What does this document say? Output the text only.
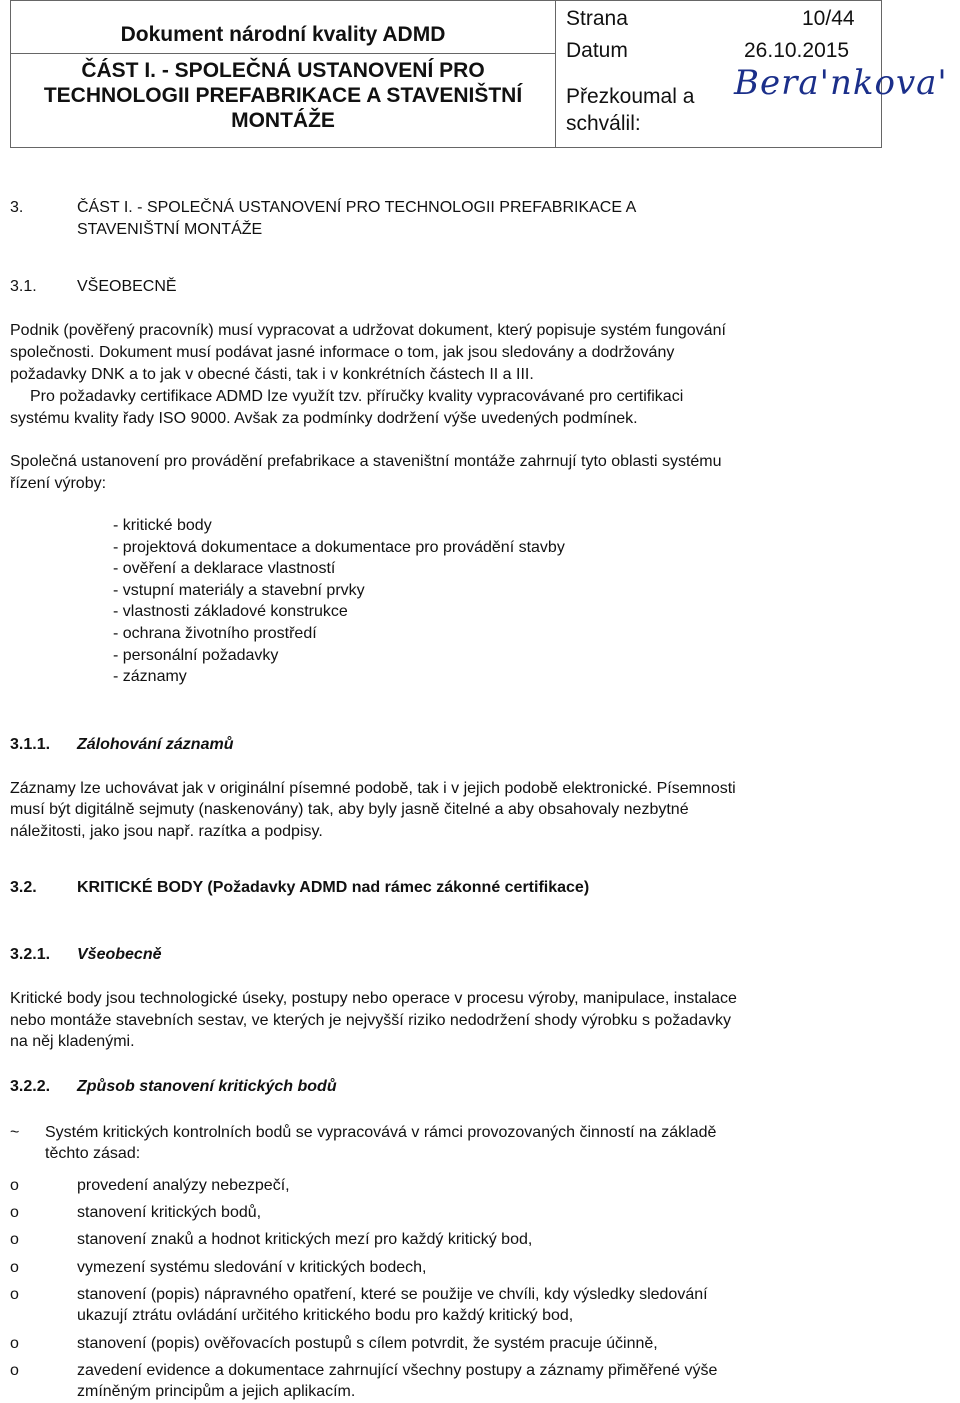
Dokument národní kvality ADMD
ČÁST I. - SPOLEČNÁ USTANOVENÍ PRO
TECHNOLOGII PREFABRIKACE A STAVENIŠTNÍ
MONTÁŽE

Strana	10/44
Datum	26.10.2015
Přezkoumal a
schválil:
Bera'nkova'
3.	ČÁST I. - SPOLEČNÁ USTANOVENÍ PRO TECHNOLOGII PREFABRIKACE A
STAVENIŠTNÍ MONTÁŽE
3.1.	VŠEOBECNĚ
Podnik (pověřený pracovník) musí vypracovat a udržovat dokument, který popisuje systém fungování
společnosti. Dokument musí podávat jasné informace o tom, jak jsou sledovány a dodržovány
požadavky DNK a to jak v obecné části, tak i v konkrétních částech II a III.
Pro požadavky certifikace ADMD lze využít tzv. příručky kvality vypracovávané pro certifikaci
systému kvality řady ISO 9000. Avšak za podmínky dodržení výše uvedených podmínek.
Společná ustanovení pro provádění prefabrikace a staveništní montáže zahrnují tyto oblasti systému
řízení výroby:
- kritické body
- projektová dokumentace a dokumentace pro provádění stavby
- ověření a deklarace vlastností
- vstupní materiály a stavební prvky
- vlastnosti základové konstrukce
- ochrana životního prostředí
- personální požadavky
- záznamy
3.1.1. Zálohování záznamů
Záznamy lze uchovávat jak v originální písemné podobě, tak i v jejich podobě elektronické. Písemnosti
musí být digitálně sejmuty (naskenovány) tak, aby byly jasně čitelné a aby obsahovaly nezbytné
náležitosti, jako jsou např. razítka a podpisy.
3.2.	KRITICKÉ BODY (Požadavky ADMD nad rámec zákonné certifikace)
3.2.1. Všeobecně
Kritické body jsou technologické úseky, postupy nebo operace v procesu výroby, manipulace, instalace
nebo montáže stavebních sestav, ve kterých je nejvyšší riziko nedodržení shody výrobku s požadavky
na něj kladenými.
3.2.2. Způsob stanovení kritických bodů
~ Systém kritických kontrolních bodů se vypracovává v rámci provozovaných činností na základě
těchto zásad:
o	provedení analýzy nebezpečí,
o	stanovení kritických bodů,
o	stanovení znaků a hodnot kritických mezí pro každý kritický bod,
o	vymezení systému sledování v kritických bodech,
o	stanovení (popis) nápravného opatření, které se použije ve chvíli, kdy výsledky sledování
ukazují ztrátu ovládání určitého kritického bodu pro každý kritický bod,
o	stanovení (popis) ověřovacích postupů s cílem potvrdit, že systém pracuje účinně,
o	zavedení evidence a dokumentace zahrnující všechny postupy a záznamy přiměřené výše
zmíněným principům a jejich aplikacím.
